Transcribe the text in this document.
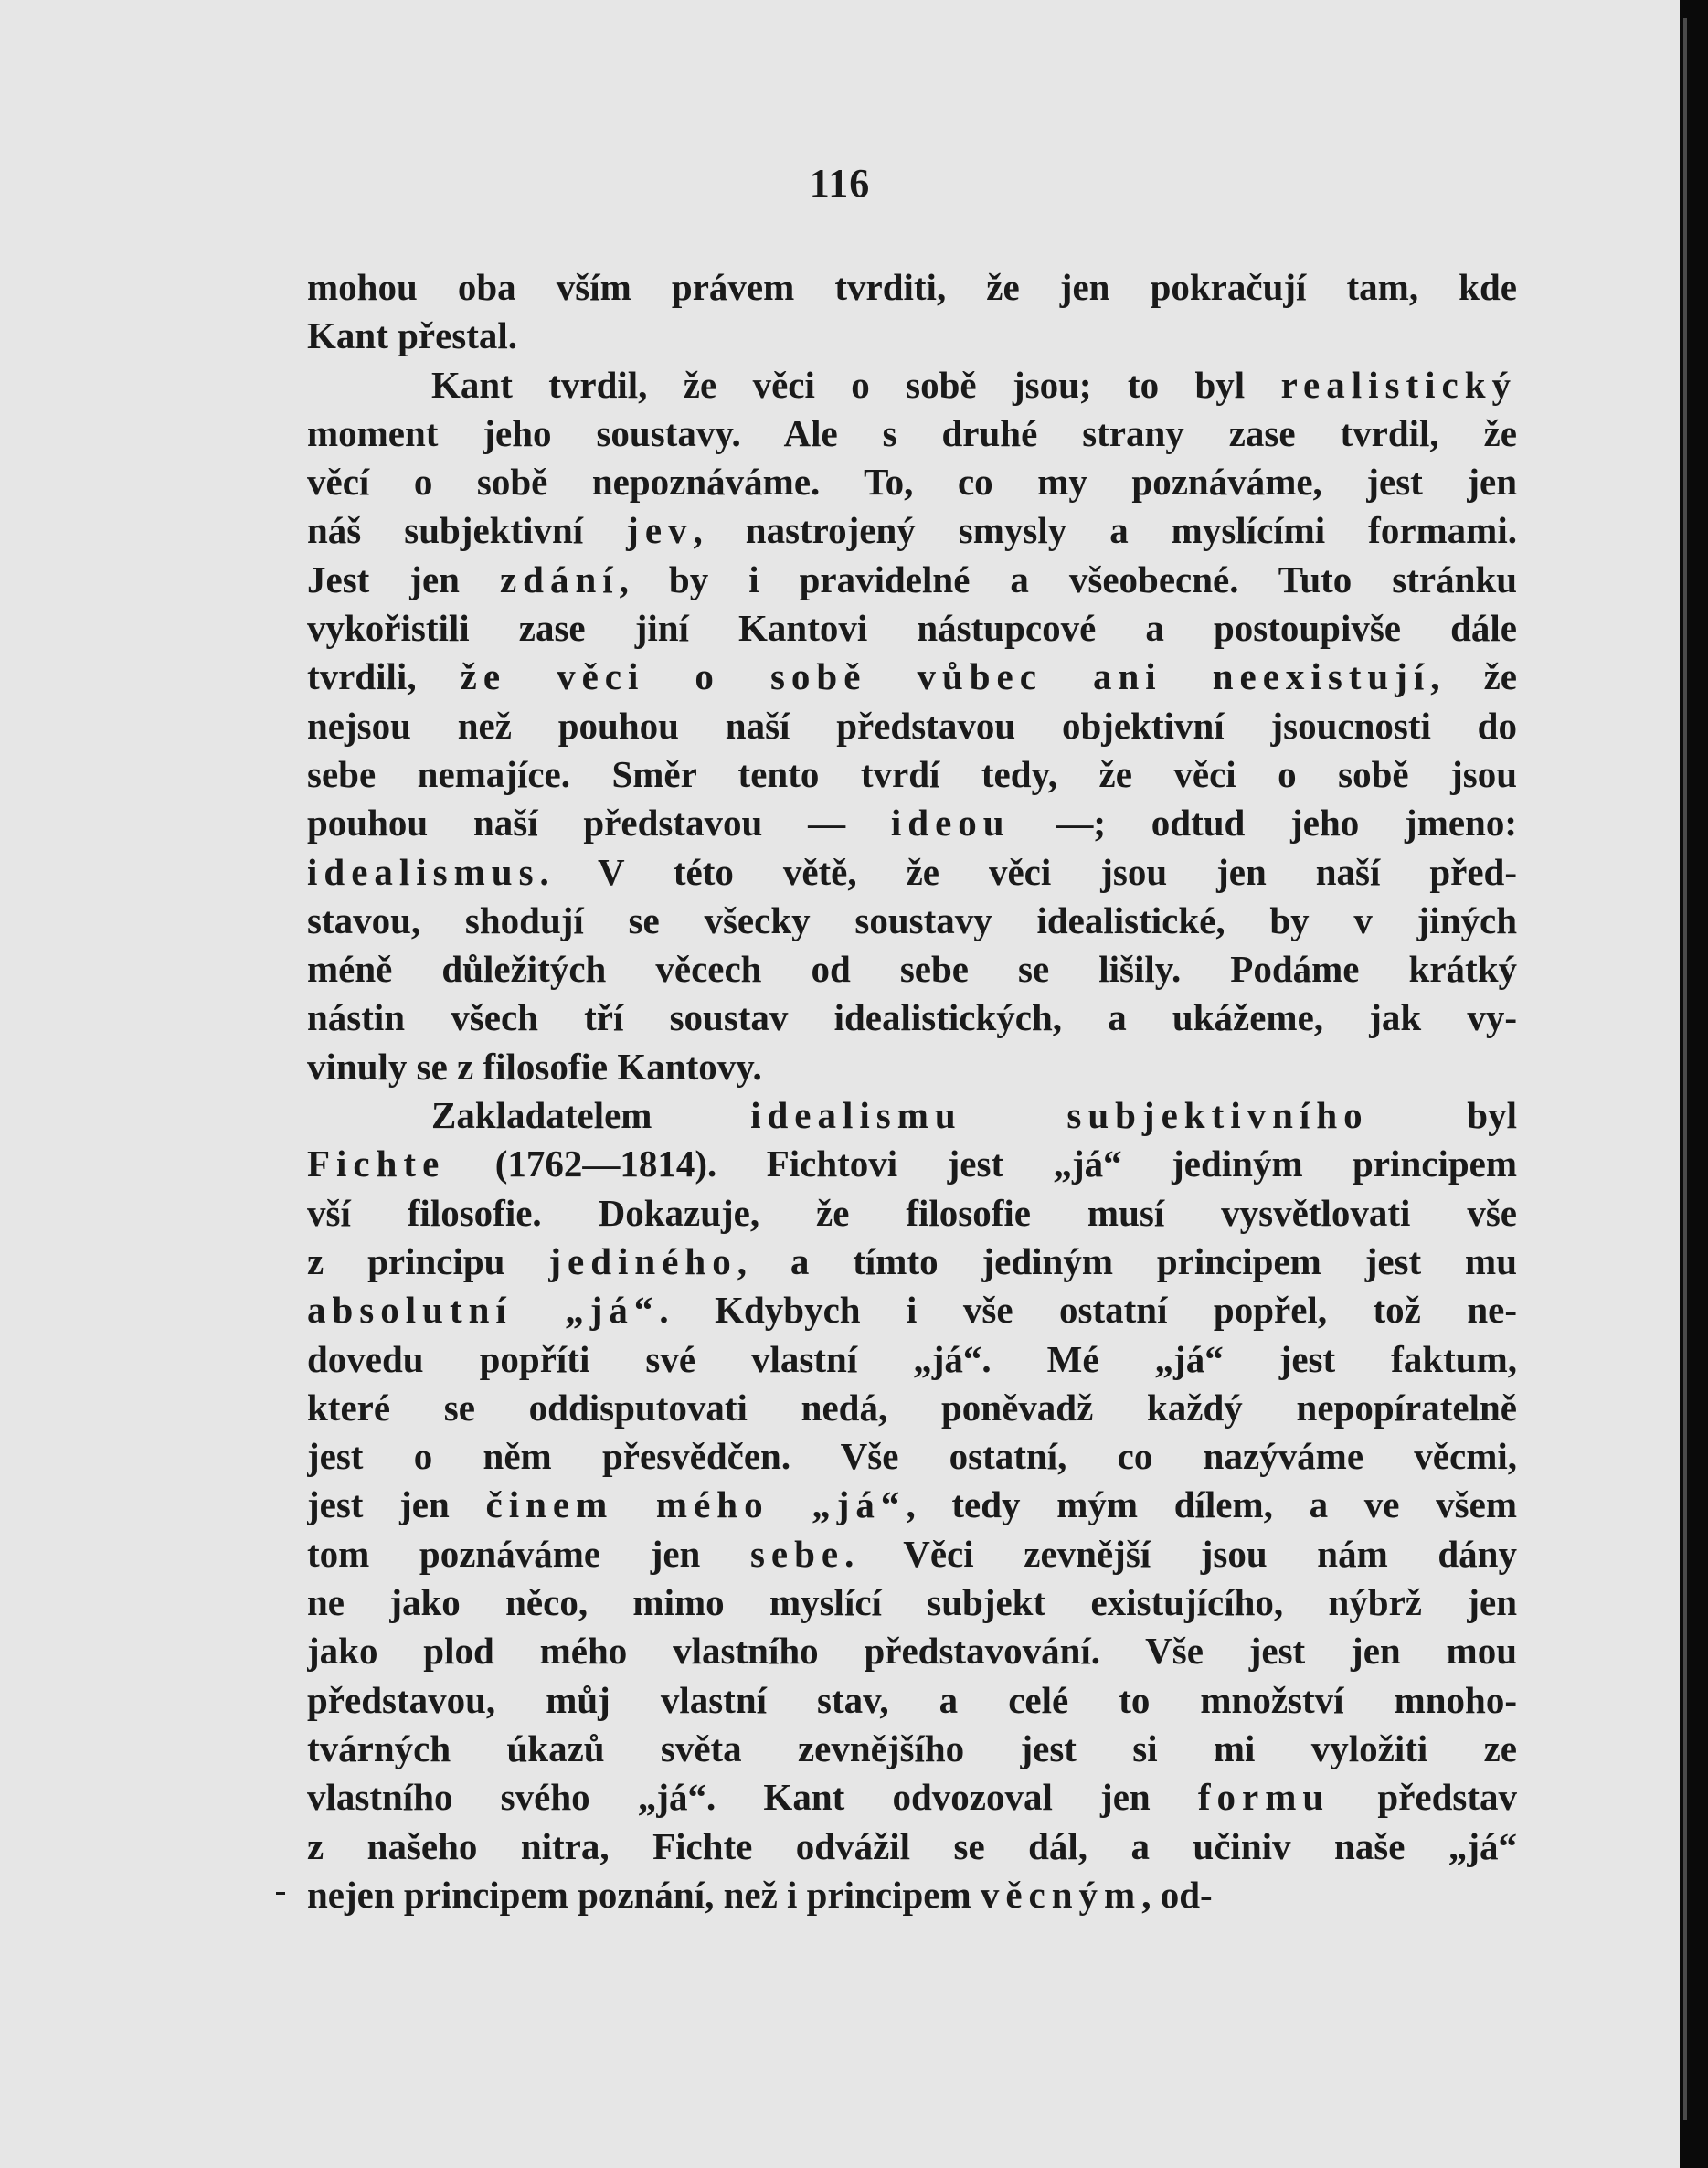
116
mohou oba vším právem tvrditi, že jen pokračují tam, kde
Kant přestal.
Kant tvrdil, že věci o sobě jsou; to byl realistický
moment jeho soustavy. Ale s druhé strany zase tvrdil, že
věcí o sobě nepoznáváme. To, co my poznáváme, jest jen
náš subjektivní jev, nastrojený smysly a myslícími formami.
Jest jen zdání, by i pravidelné a všeobecné. Tuto stránku
vykořistili zase jiní Kantovi nástupcové a postoupivše dále
tvrdili, že věci o sobě vůbec ani neexistují, že
nejsou než pouhou naší představou objektivní jsoucnosti do
sebe nemajíce. Směr tento tvrdí tedy, že věci o sobě jsou
pouhou naší představou — ideou —; odtud jeho jmeno:
idealismus. V této větě, že věci jsou jen naší před-
stavou, shodují se všecky soustavy idealistické, by v jiných
méně důležitých věcech od sebe se lišily. Podáme krátký
nástin všech tří soustav idealistických, a ukážeme, jak vy-
vinuly se z filosofie Kantovy.
Zakladatelem idealismu subjektivního byl
Fichte (1762—1814). Fichtovi jest „já“ jediným principem
vší filosofie. Dokazuje, že filosofie musí vysvětlovati vše
z principu jediného, a tímto jediným principem jest mu
absolutní „já“. Kdybych i vše ostatní popřel, tož ne-
dovedu popříti své vlastní „já“. Mé „já“ jest faktum,
které se oddisputovati nedá, poněvadž každý nepopíratelně
jest o něm přesvědčen. Vše ostatní, co nazýváme věcmi,
jest jen činem mého „já“, tedy mým dílem, a ve všem
tom poznáváme jen sebe. Věci zevnější jsou nám dány
ne jako něco, mimo myslící subjekt existujícího, nýbrž jen
jako plod mého vlastního představování. Vše jest jen mou
představou, můj vlastní stav, a celé to množství mnoho-
tvárných úkazů světa zevnějšího jest si mi vyložiti ze
vlastního svého „já“. Kant odvozoval jen formu představ
z našeho nitra, Fichte odvážil se dál, a učiniv naše „já“
nejen principem poznání, než i principem věcným, od-
